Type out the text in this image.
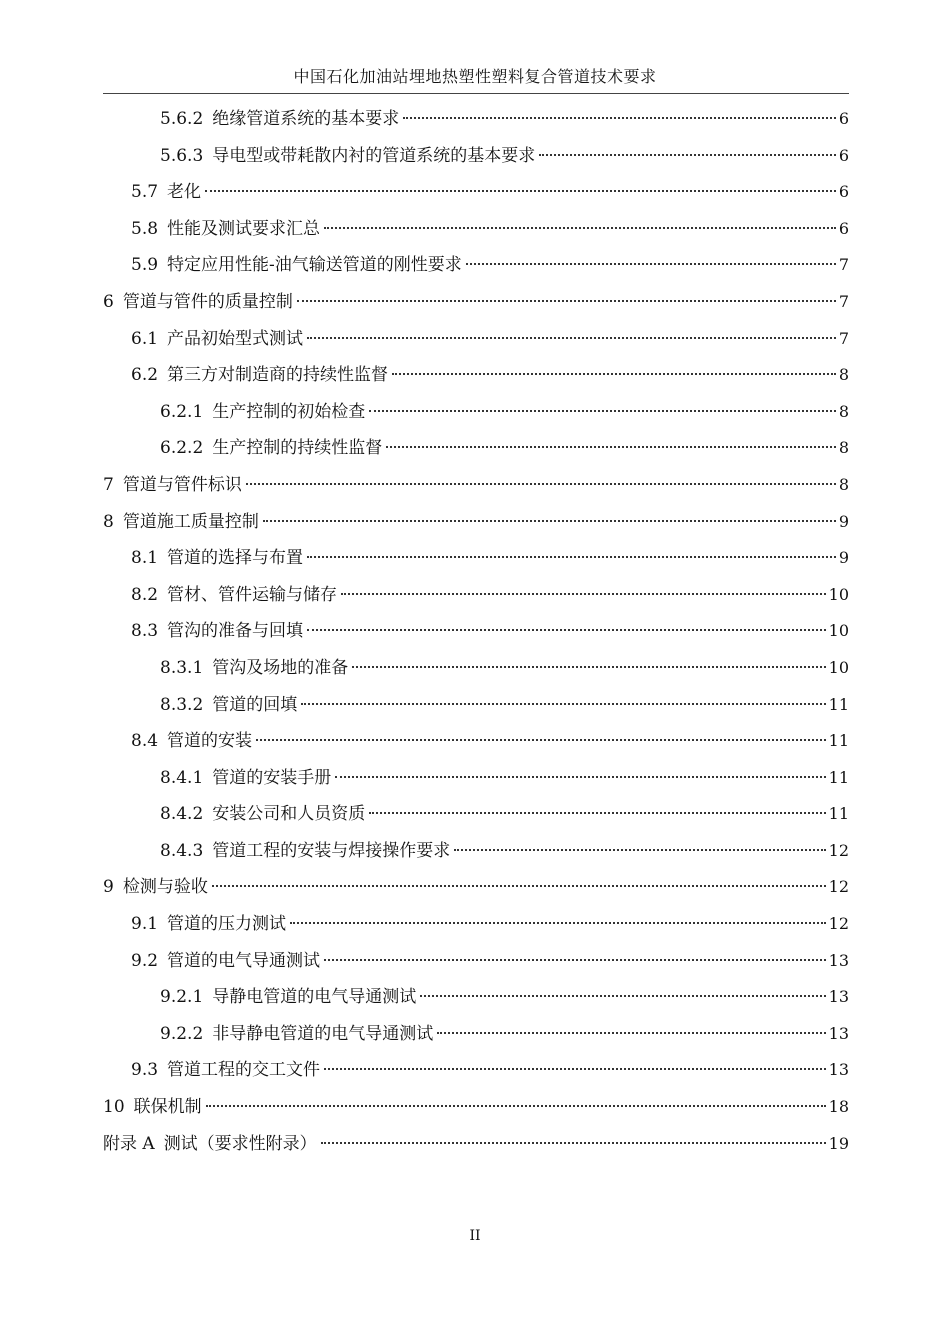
中国石化加油站埋地热塑性塑料复合管道技术要求
5.6.2 绝缘管道系统的基本要求	6
5.6.3 导电型或带耗散内衬的管道系统的基本要求	6
5.7 老化	6
5.8 性能及测试要求汇总	6
5.9 特定应用性能-油气输送管道的刚性要求	7
6 管道与管件的质量控制	7
6.1 产品初始型式测试	7
6.2 第三方对制造商的持续性监督	8
6.2.1 生产控制的初始检查	8
6.2.2 生产控制的持续性监督	8
7 管道与管件标识	8
8 管道施工质量控制	9
8.1 管道的选择与布置	9
8.2 管材、管件运输与储存	10
8.3 管沟的准备与回填	10
8.3.1 管沟及场地的准备	10
8.3.2 管道的回填	11
8.4 管道的安装	11
8.4.1 管道的安装手册	11
8.4.2 安装公司和人员资质	11
8.4.3 管道工程的安装与焊接操作要求	12
9 检测与验收	12
9.1 管道的压力测试	12
9.2 管道的电气导通测试	13
9.2.1 导静电管道的电气导通测试	13
9.2.2 非导静电管道的电气导通测试	13
9.3 管道工程的交工文件	13
10 联保机制	18
附录 A 测试（要求性附录）	19
II
